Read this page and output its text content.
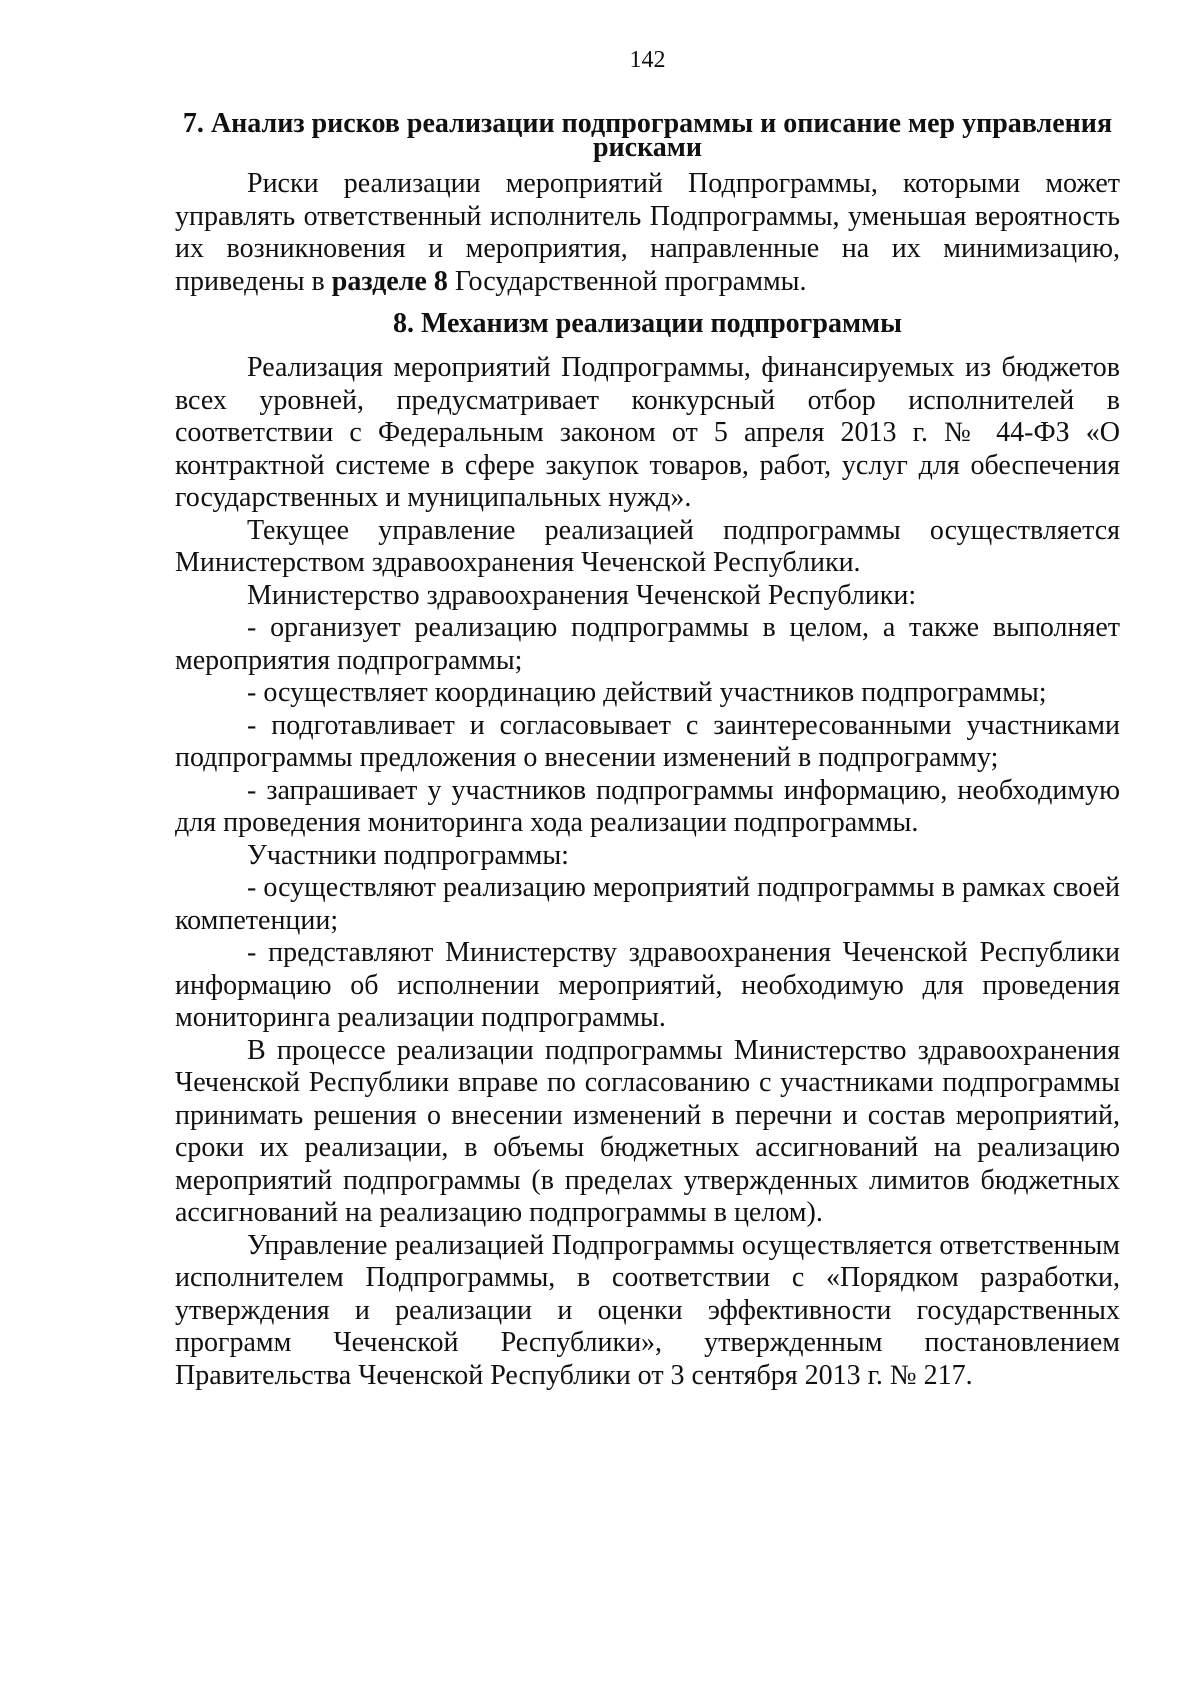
142
7. Анализ рисков реализации подпрограммы и описание мер управления рисками

Риски реализации мероприятий Подпрограммы, которыми может управлять ответственный исполнитель Подпрограммы, уменьшая вероятность их возникновения и мероприятия, направленные на их минимизацию, приведены в разделе 8 Государственной программы.

8. Механизм реализации подпрограммы

Реализация мероприятий Подпрограммы, финансируемых из бюджетов всех уровней, предусматривает конкурсный отбор исполнителей в соответствии с Федеральным законом от 5 апреля 2013 г. № 44-ФЗ «О контрактной системе в сфере закупок товаров, работ, услуг для обеспечения государственных и муниципальных нужд».

Текущее управление реализацией подпрограммы осуществляется Министерством здравоохранения Чеченской Республики.

Министерство здравоохранения Чеченской Республики:

- организует реализацию подпрограммы в целом, а также выполняет мероприятия подпрограммы;

- осуществляет координацию действий участников подпрограммы;

- подготавливает и согласовывает с заинтересованными участниками подпрограммы предложения о внесении изменений в подпрограмму;

- запрашивает у участников подпрограммы информацию, необходимую для проведения мониторинга хода реализации подпрограммы.

Участники подпрограммы:

- осуществляют реализацию мероприятий подпрограммы в рамках своей компетенции;

- представляют Министерству здравоохранения Чеченской Республики информацию об исполнении мероприятий, необходимую для проведения мониторинга реализации подпрограммы.

В процессе реализации подпрограммы Министерство здравоохранения Чеченской Республики вправе по согласованию с участниками подпрограммы принимать решения о внесении изменений в перечни и состав мероприятий, сроки их реализации, в объемы бюджетных ассигнований на реализацию мероприятий подпрограммы (в пределах утвержденных лимитов бюджетных ассигнований на реализацию подпрограммы в целом).

Управление реализацией Подпрограммы осуществляется ответственным исполнителем Подпрограммы, в соответствии с «Порядком разработки, утверждения и реализации и оценки эффективности государственных программ Чеченской Республики», утвержденным постановлением Правительства Чеченской Республики от 3 сентября 2013 г. № 217.
